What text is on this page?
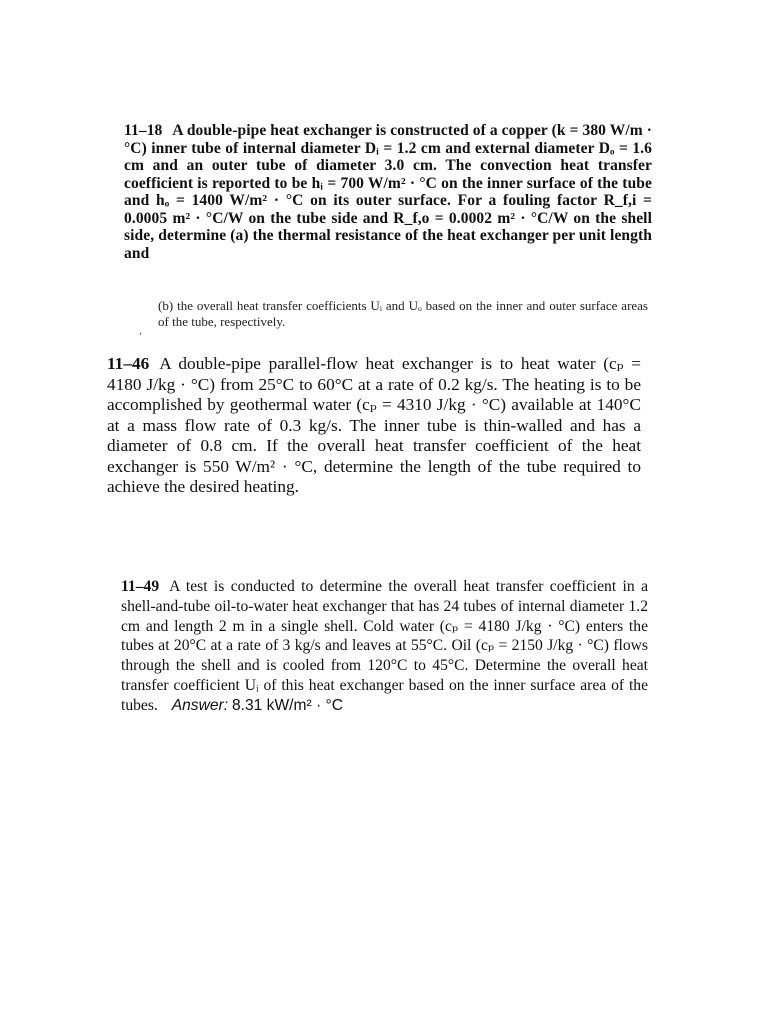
11–18 A double-pipe heat exchanger is constructed of a copper (k = 380 W/m · °C) inner tube of internal diameter Dᵢ = 1.2 cm and external diameter Dₒ = 1.6 cm and an outer tube of diameter 3.0 cm. The convection heat transfer coefficient is reported to be hᵢ = 700 W/m² · °C on the inner surface of the tube and hₒ = 1400 W/m² · °C on its outer surface. For a fouling factor R_f,i = 0.0005 m² · °C/W on the tube side and R_f,o = 0.0002 m² · °C/W on the shell side, determine (a) the thermal resistance of the heat exchanger per unit length and

(b) the overall heat transfer coefficients Uᵢ and Uₒ based on the inner and outer surface areas of the tube, respectively.

,

11–46 A double-pipe parallel-flow heat exchanger is to heat water (cₚ = 4180 J/kg · °C) from 25°C to 60°C at a rate of 0.2 kg/s. The heating is to be accomplished by geothermal water (cₚ = 4310 J/kg · °C) available at 140°C at a mass flow rate of 0.3 kg/s. The inner tube is thin-walled and has a diameter of 0.8 cm. If the overall heat transfer coefficient of the heat exchanger is 550 W/m² · °C, determine the length of the tube required to achieve the desired heating.

11–49 A test is conducted to determine the overall heat transfer coefficient in a shell-and-tube oil-to-water heat exchanger that has 24 tubes of internal diameter 1.2 cm and length 2 m in a single shell. Cold water (cₚ = 4180 J/kg · °C) enters the tubes at 20°C at a rate of 3 kg/s and leaves at 55°C. Oil (cₚ = 2150 J/kg · °C) flows through the shell and is cooled from 120°C to 45°C. Determine the overall heat transfer coefficient Uᵢ of this heat exchanger based on the inner surface area of the tubes. Answer: 8.31 kW/m² · °C
